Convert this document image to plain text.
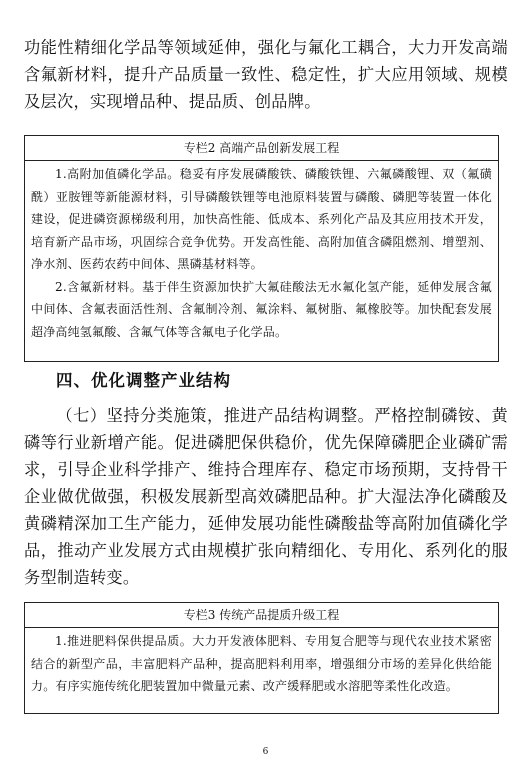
功能性精细化学品等领域延伸，强化与氟化工耦合，大力开发高端含氟新材料，提升产品质量一致性、稳定性，扩大应用领域、规模及层次，实现增品种、提品质、创品牌。

专栏2 高端产品创新发展工程

1.高附加值磷化学品。稳妥有序发展磷酸铁、磷酸铁锂、六氟磷酸锂、双（氟磺酰）亚胺锂等新能源材料，引导磷酸铁锂等电池原料装置与磷酸、磷肥等装置一体化建设，促进磷资源梯级利用，加快高性能、低成本、系列化产品及其应用技术开发，培育新产品市场，巩固综合竞争优势。开发高性能、高附加值含磷阻燃剂、增塑剂、净水剂、医药农药中间体、黑磷基材料等。

2.含氟新材料。基于伴生资源加快扩大氟硅酸法无水氟化氢产能，延伸发展含氟中间体、含氟表面活性剂、含氟制冷剂、氟涂料、氟树脂、氟橡胶等。加快配套发展超净高纯氢氟酸、含氟气体等含氟电子化学品。

四、优化调整产业结构

（七）坚持分类施策，推进产品结构调整。严格控制磷铵、黄磷等行业新增产能。促进磷肥保供稳价，优先保障磷肥企业磷矿需求，引导企业科学排产、维持合理库存、稳定市场预期，支持骨干企业做优做强，积极发展新型高效磷肥品种。扩大湿法净化磷酸及黄磷精深加工生产能力，延伸发展功能性磷酸盐等高附加值磷化学品，推动产业发展方式由规模扩张向精细化、专用化、系列化的服务型制造转变。

专栏3 传统产品提质升级工程

1.推进肥料保供提品质。大力开发液体肥料、专用复合肥等与现代农业技术紧密结合的新型产品，丰富肥料产品种，提高肥料利用率，增强细分市场的差异化供给能力。有序实施传统化肥装置加中微量元素、改产缓释肥或水溶肥等柔性化改造。

6
